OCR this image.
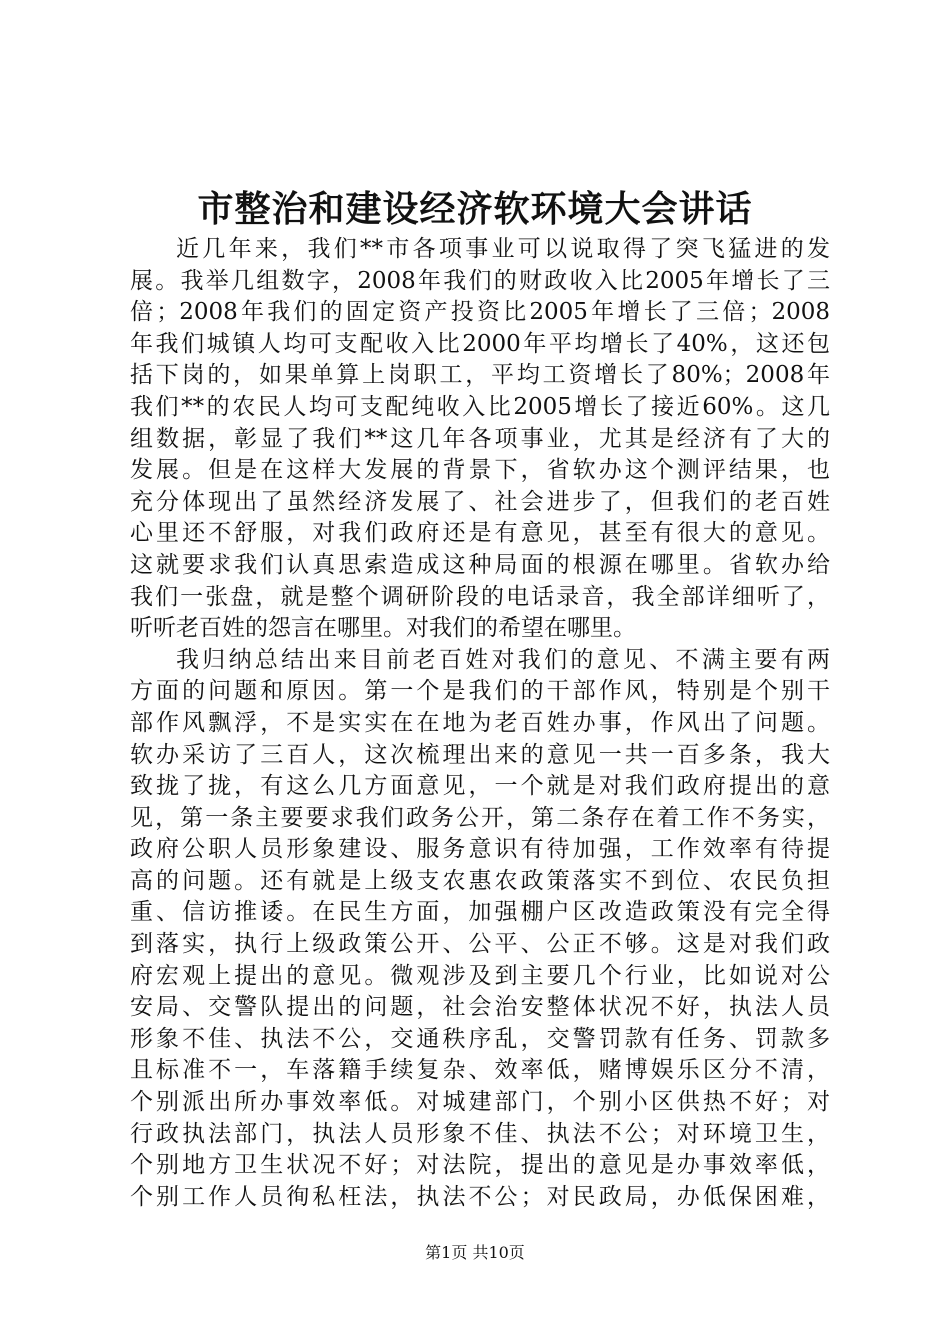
市整治和建设经济软环境大会讲话
近几年来，我们**市各项事业可以说取得了突飞猛进的发
展。我举几组数字，2008年我们的财政收入比2005年增长了三
倍；2008年我们的固定资产投资比2005年增长了三倍；2008
年我们城镇人均可支配收入比2000年平均增长了40%，这还包
括下岗的，如果单算上岗职工，平均工资增长了80%；2008年
我们**的农民人均可支配纯收入比2005增长了接近60%。这几
组数据，彰显了我们**这几年各项事业，尤其是经济有了大的
发展。但是在这样大发展的背景下，省软办这个测评结果，也
充分体现出了虽然经济发展了、社会进步了，但我们的老百姓
心里还不舒服，对我们政府还是有意见，甚至有很大的意见。
这就要求我们认真思索造成这种局面的根源在哪里。省软办给
我们一张盘，就是整个调研阶段的电话录音，我全部详细听了，
听听老百姓的怨言在哪里。对我们的希望在哪里。
我归纳总结出来目前老百姓对我们的意见、不满主要有两
方面的问题和原因。第一个是我们的干部作风，特别是个别干
部作风飘浮，不是实实在在地为老百姓办事，作风出了问题。
软办采访了三百人，这次梳理出来的意见一共一百多条，我大
致拢了拢，有这么几方面意见，一个就是对我们政府提出的意
见，第一条主要要求我们政务公开，第二条存在着工作不务实，
政府公职人员形象建设、服务意识有待加强，工作效率有待提
高的问题。还有就是上级支农惠农政策落实不到位、农民负担
重、信访推诿。在民生方面，加强棚户区改造政策没有完全得
到落实，执行上级政策公开、公平、公正不够。这是对我们政
府宏观上提出的意见。微观涉及到主要几个行业，比如说对公
安局、交警队提出的问题，社会治安整体状况不好，执法人员
形象不佳、执法不公，交通秩序乱，交警罚款有任务、罚款多
且标准不一，车落籍手续复杂、效率低，赌博娱乐区分不清，
个别派出所办事效率低。对城建部门，个别小区供热不好；对
行政执法部门，执法人员形象不佳、执法不公；对环境卫生，
个别地方卫生状况不好；对法院，提出的意见是办事效率低，
个别工作人员徇私枉法，执法不公；对民政局，办低保困难，
第1页 共10页
